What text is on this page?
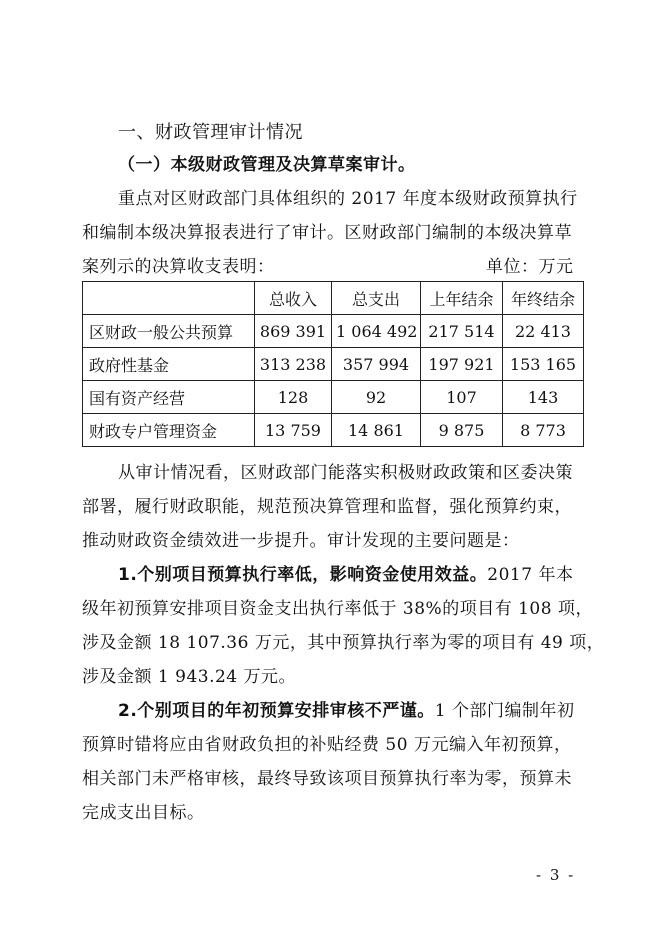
一、财政管理审计情况
（一）本级财政管理及决算草案审计。
重点对区财政部门具体组织的 2017 年度本级财政预算执行
和编制本级决算报表进行了审计。区财政部门编制的本级决算草
案列示的决算收支表明：	单位：万元
	总收入	总支出	上年结余	年终结余
区财政一般公共预算	869 391	1 064 492	217 514	22 413
政府性基金	313 238	357 994	197 921	153 165
国有资产经营	128	92	107	143
财政专户管理资金	13 759	14 861	9 875	8 773
从审计情况看，区财政部门能落实积极财政政策和区委决策
部署，履行财政职能，规范预决算管理和监督，强化预算约束，
推动财政资金绩效进一步提升。审计发现的主要问题是：
1.个别项目预算执行率低，影响资金使用效益。2017 年本
级年初预算安排项目资金支出执行率低于 38%的项目有 108 项，
涉及金额 18 107.36 万元，其中预算执行率为零的项目有 49 项，
涉及金额 1 943.24 万元。
2.个别项目的年初预算安排审核不严谨。1 个部门编制年初
预算时错将应由省财政负担的补贴经费 50 万元编入年初预算，
相关部门未严格审核，最终导致该项目预算执行率为零，预算未
完成支出目标。
- 3 -
